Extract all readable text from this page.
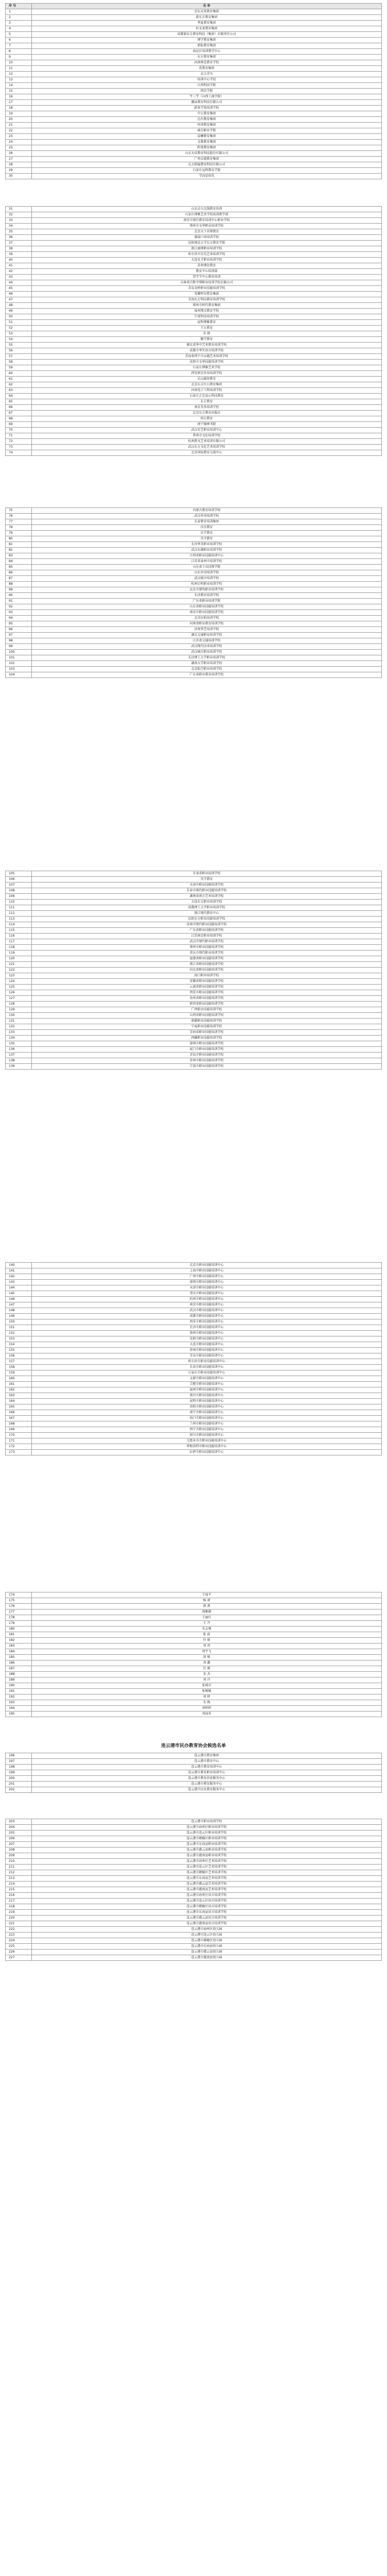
序 号	名 单
1	京东未来教育集团
2	新东方教育集团
3	华夏教育集团
4	好未来教育集团
5	成都新东方教育科技（集团）有限责任公司
6	博学教育集团
7	新航教育集团
8	海淀区培训教学中心
9	东方教育集团
10	河南师范教育学校
11	优教育集团
12	北大青鸟
13	培训中心学校
14	江西科技学院
15	西京学院
16	牛三乎（山西工商学院）
17	潮汕教育科技有限公司
18	蔚来学苑培训学校
19	中公教育集团
20	达内教育集团
21	环球教育集团
22	城市职业学院
23	晨曦教育集团
24	文都教育集团
25	粉笔教育集团
26	山东天成教育科技股份有限公司
27	广州卓越教育集团
28	北大附属教育科技有限公司
29	石家庄远程教育学院
30	学而思培优
31	山东卓立在线教育培训
32	石家庄博雅艺术学校培训教学部
33	南京市现代教育培训中心职业学校
34	郑州市文华职业培训学校
35	北京天下名师教育
36	翼展口语培训学校
37	沈阳师范大学东方教育学院
38	浙江康博职业培训学校
39	哈尔滨市星光艺术培训学校
40	大连育才职业培训学校
41	苏州博思教育
42	教育中心培训部
43	贺学学中心教育培训
44	吉林省百胜中博职业培训学校有限公司
45	青岛金桥职业技能培训学校
46	安徽明星教育集团
47	青海东方科技教育培训学校
48	郑州市时代教育集团
49	福州翔文教育学校
50	宁波科技培训学校
51	昆明博雅教育
52	王五教育
53	宋 群
54	聚学教育
55	湖北省华中艺术教育培训学校
56	成都市华实语言培训学校
57	青海省西宁市卓越艺术培训学校
58	沈阳市文华技能培训学校
59	石家庄博雅艺术学校
60	西安新星外语培训学校
61	乐山德智教育
62	北京东方红日教育集团
63	河南电子工程培训学校
64	石家庄正定县心科技教育
65	东方教育
66	南京美术培训学校
67	北京东方教育出版社
68	四方教育
69	南宁翰林书院
70	武汉星艺职业培训中心
71	常州市文化培训学校
72	杭州凯文艺术培训有限公司
73	武汉东方文化艺术培训学校
74	北京国际教育交流中心
75	内蒙古教育培训学校
76	武汉外语培训学校
77	长春教育培训集团
78	佳佳教育
79	乐学教育
80	英孚教育
81	长沙华美职业培训学校
82	武汉东湖职业培训学校
83	江西省职业技能培训中心
84	江苏省泰州市培训学校
85	山东省工业技师学院
86	山东外语培训学校
87	武汉城市培训学校
88	杭州启明职业培训学校
89	北京市建筑职业培训学校
90	长沙教育培训学校
91	广东省职业培训学院
92	山东省职业技能培训学校
93	南京市职业技能培训学校
94	北京民航培训学校
95	河南省职业教育培训学校
96	济南华艺培训学校
97	湖北交通职业培训学校
98	江苏省交通培训学校
99	武汉现代技术培训学校
100	武汉城市职业培训学校
101	长沙理工大学职业培训学校
102	湖南大学职业培训学校
103	北京航空职业培训学校
104	广东省职业教育培训学校
105	甘肃省职业培训学校
106	英孚教育
107	天津市职业技能培训学校
108	长春市现代职业技能培训学校
109	湖南省南方艺术培训学校
110	大连东方职业培训学校
111	成都理工大学职业培训学校
112	浙江现代教育中心
113	沈阳东方职业技能培训学校
114	济南市现代职业技能培训学校
115	广东省职业技能培训学校
116	江苏南京职业培训学校
117	武汉市现代职业培训学校
118	郑州市职业技能培训学校
119	重庆市现代职业培训学校
120	福建省职业技能培训学校
121	浙江省职业技能培训学校
122	河北省职业技能培训学校
123	海口职业培训学校
124	安徽省职业技能培训学校
125	云南省职业技能培训学校
126	西安市职业技能培训学校
127	贵州省职业技能培训学校
128	陕西省职业技能培训学校
129	广西职业技能培训学校
130	山西省职业技能培训学校
131	新疆职业技能培训学校
132	宁夏职业技能培训学校
133	青海省职业技能培训学校
134	西藏职业技能培训学校
135	深圳市职业技能培训学校
136	厦门市职业技能培训学校
137	青岛市职业技能培训学校
138	苏州市职业技能培训学校
139	宁波市职业技能培训学校
140	北京市职业技能培训中心
141	上海市职业技能培训中心
142	广州市职业技能培训中心
143	深圳市职业技能培训中心
144	天津市职业技能培训中心
145	重庆市职业技能培训中心
146	杭州市职业技能培训中心
147	南京市职业技能培训中心
148	武汉市职业技能培训中心
149	成都市职业技能培训中心
150	西安市职业技能培训中心
151	长沙市职业技能培训中心
152	郑州市职业技能培训中心
153	沈阳市职业技能培训中心
154	大连市职业技能培训中心
155	济南市职业技能培训中心
156	青岛市职业技能培训中心
157	哈尔滨市职业技能培训中心
158	长春市职业技能培训中心
159	石家庄市职业技能培训中心
160	太原市职业技能培训中心
161	合肥市职业技能培训中心
162	福州市职业技能培训中心
163	南昌市职业技能培训中心
164	昆明市职业技能培训中心
165	贵阳市职业技能培训中心
166	南宁市职业技能培训中心
167	海口市职业技能培训中心
168	兰州市职业技能培训中心
169	西宁市职业技能培训中心
170	银川市职业技能培训中心
171	乌鲁木齐市职业技能培训中心
172	呼和浩特市职业技能培训中心
173	拉萨市职业技能培训中心
174	王福平
175	杨 莉
176	郭 燕
177	郑雅静
178	王丽红
179	王 丹
180	朱志强
181	张 磊
182	付 娟
183	刘 涛
184	周宇飞
185	黄 娟
186	刘 鑫
187	任 斌
188	宋 杰
189	刘 洋
190	张城市
191	张婉婉
192	刘 婷
193	朱 梅
194	刘婷婷
195	邓海英
连云港市民办教育协会候选名单
196	连云港市教育集团
197	连云港市教育中心
198	连云港市教育培训中心
199	连云港市教育职业培训中心
200	连云港市教育信息服务中心
201	连云港市教育服务中心
202	连云港市民办教育服务中心
203	连云港市职业培训学校
204	连云港市海州区职业培训学校
205	连云港市连云区职业培训学校
206	连云港市赣榆区职业培训学校
207	连云港市东海县职业培训学校
208	连云港市灌云县职业培训学校
209	连云港市灌南县职业培训学校
210	连云港市海州区艺术培训学校
211	连云港市连云区艺术培训学校
212	连云港市赣榆区艺术培训学校
213	连云港市东海县艺术培训学校
214	连云港市灌云县艺术培训学校
215	连云港市灌南县艺术培训学校
216	连云港市海州区语言培训学校
217	连云港市连云区语言培训学校
218	连云港市赣榆区语言培训学校
219	连云港市东海县语言培训学校
220	连云港市灌云县语言培训学校
221	连云港市灌南县语言培训学校
222	连云港市海州区幼儿园
223	连云港市连云区幼儿园
224	连云港市赣榆区幼儿园
225	连云港市东海县幼儿园
226	连云港市灌云县幼儿园
227	连云港市灌南县幼儿园
